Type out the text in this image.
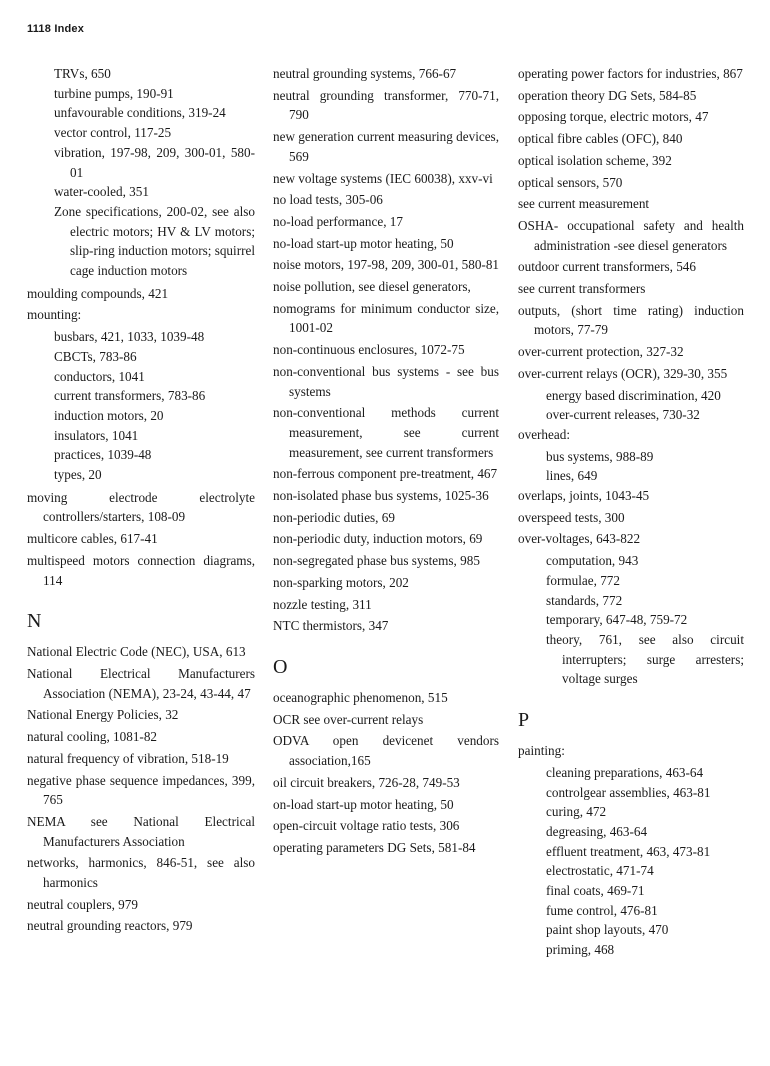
1118 Index
TRVs, 650
turbine pumps, 190-91
unfavourable conditions, 319-24
vector control, 117-25
vibration, 197-98, 209, 300-01, 580-01
water-cooled, 351
Zone specifications, 200-02, see also electric motors; HV & LV motors; slip-ring induction motors; squirrel cage induction motors
moulding compounds, 421
mounting:
busbars, 421, 1033, 1039-48
CBCTs, 783-86
conductors, 1041
current transformers, 783-86
induction motors, 20
insulators, 1041
practices, 1039-48
types, 20
moving electrode electrolyte controllers/starters, 108-09
multicore cables, 617-41
multispeed motors connection diagrams, 114
N
National Electric Code (NEC), USA, 613
National Electrical Manufacturers Association (NEMA), 23-24, 43-44, 47
National Energy Policies, 32
natural cooling, 1081-82
natural frequency of vibration, 518-19
negative phase sequence impedances, 399, 765
NEMA see National Electrical Manufacturers Association
networks, harmonics, 846-51, see also harmonics
neutral couplers, 979
neutral grounding reactors, 979
neutral grounding systems, 766-67
neutral grounding transformer, 770-71, 790
new generation current measuring devices, 569
new voltage systems (IEC 60038), xxv-vi
no load tests, 305-06
no-load performance, 17
no-load start-up motor heating, 50
noise motors, 197-98, 209, 300-01, 580-81
noise pollution, see diesel generators,
nomograms for minimum conductor size, 1001-02
non-continuous enclosures, 1072-75
non-conventional bus systems - see bus systems
non-conventional methods current measurement, see current measurement, see current transformers
non-ferrous component pre-treatment, 467
non-isolated phase bus systems, 1025-36
non-periodic duties, 69
non-periodic duty, induction motors, 69
non-segregated phase bus systems, 985
non-sparking motors, 202
nozzle testing, 311
NTC thermistors, 347
O
oceanographic phenomenon, 515
OCR see over-current relays
ODVA open devicenet vendors association,165
oil circuit breakers, 726-28, 749-53
on-load start-up motor heating, 50
open-circuit voltage ratio tests, 306
operating parameters DG Sets, 581-84
operating power factors for industries, 867
operation theory DG Sets, 584-85
opposing torque, electric motors, 47
optical fibre cables (OFC), 840
optical isolation scheme, 392
optical sensors, 570
see current measurement
OSHA- occupational safety and health administration -see diesel generators
outdoor current transformers, 546
see current transformers
outputs, (short time rating) induction motors, 77-79
over-current protection, 327-32
over-current relays (OCR), 329-30, 355
energy based discrimination, 420
over-current releases, 730-32
overhead:
bus systems, 988-89
lines, 649
overlaps, joints, 1043-45
overspeed tests, 300
over-voltages, 643-822
computation, 943
formulae, 772
standards, 772
temporary, 647-48, 759-72
theory, 761, see also circuit interrupters; surge arresters; voltage surges
P
painting:
cleaning preparations, 463-64
controlgear assemblies, 463-81
curing, 472
degreasing, 463-64
effluent treatment, 463, 473-81
electrostatic, 471-74
final coats, 469-71
fume control, 476-81
paint shop layouts, 470
priming, 468
